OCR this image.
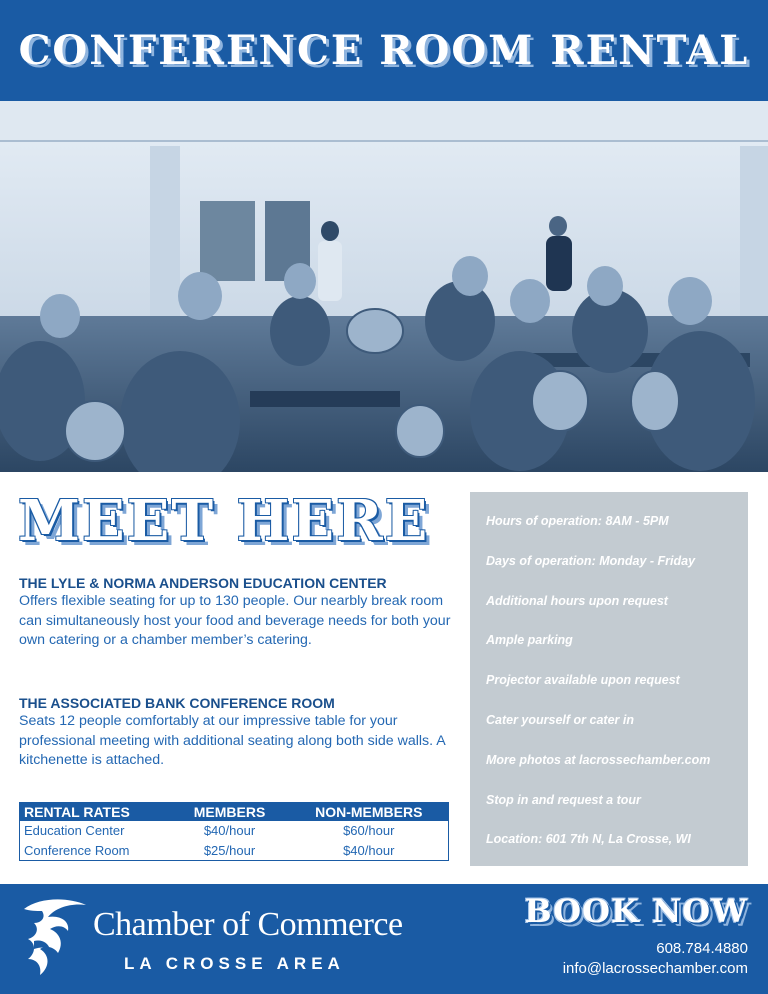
CONFERENCE ROOM RENTAL
MEET HERE
THE LYLE & NORMA ANDERSON EDUCATION CENTER
Offers flexible seating for up to 130 people. Our nearbly break room can simultaneously host your food and beverage needs for both your own catering or a chamber member’s catering.
THE ASSOCIATED BANK CONFERENCE ROOM
Seats 12 people comfortably at our impressive table for your professional meeting with additional seating along both side walls. A kitchenette is attached.
RENTAL RATES	MEMBERS	NON-MEMBERS
Education Center	$40/hour	$60/hour
Conference Room	$25/hour	$40/hour
Hours of operation: 8AM - 5PM
Days of operation: Monday - Friday
Additional hours upon request
Ample parking
Projector available upon request
Cater yourself or cater in
More photos at lacrossechamber.com
Stop in and request a tour
Location: 601 7th N, La Crosse, WI
Chamber of Commerce
LA CROSSE AREA
BOOK NOW
608.784.4880
info@lacrossechamber.com
